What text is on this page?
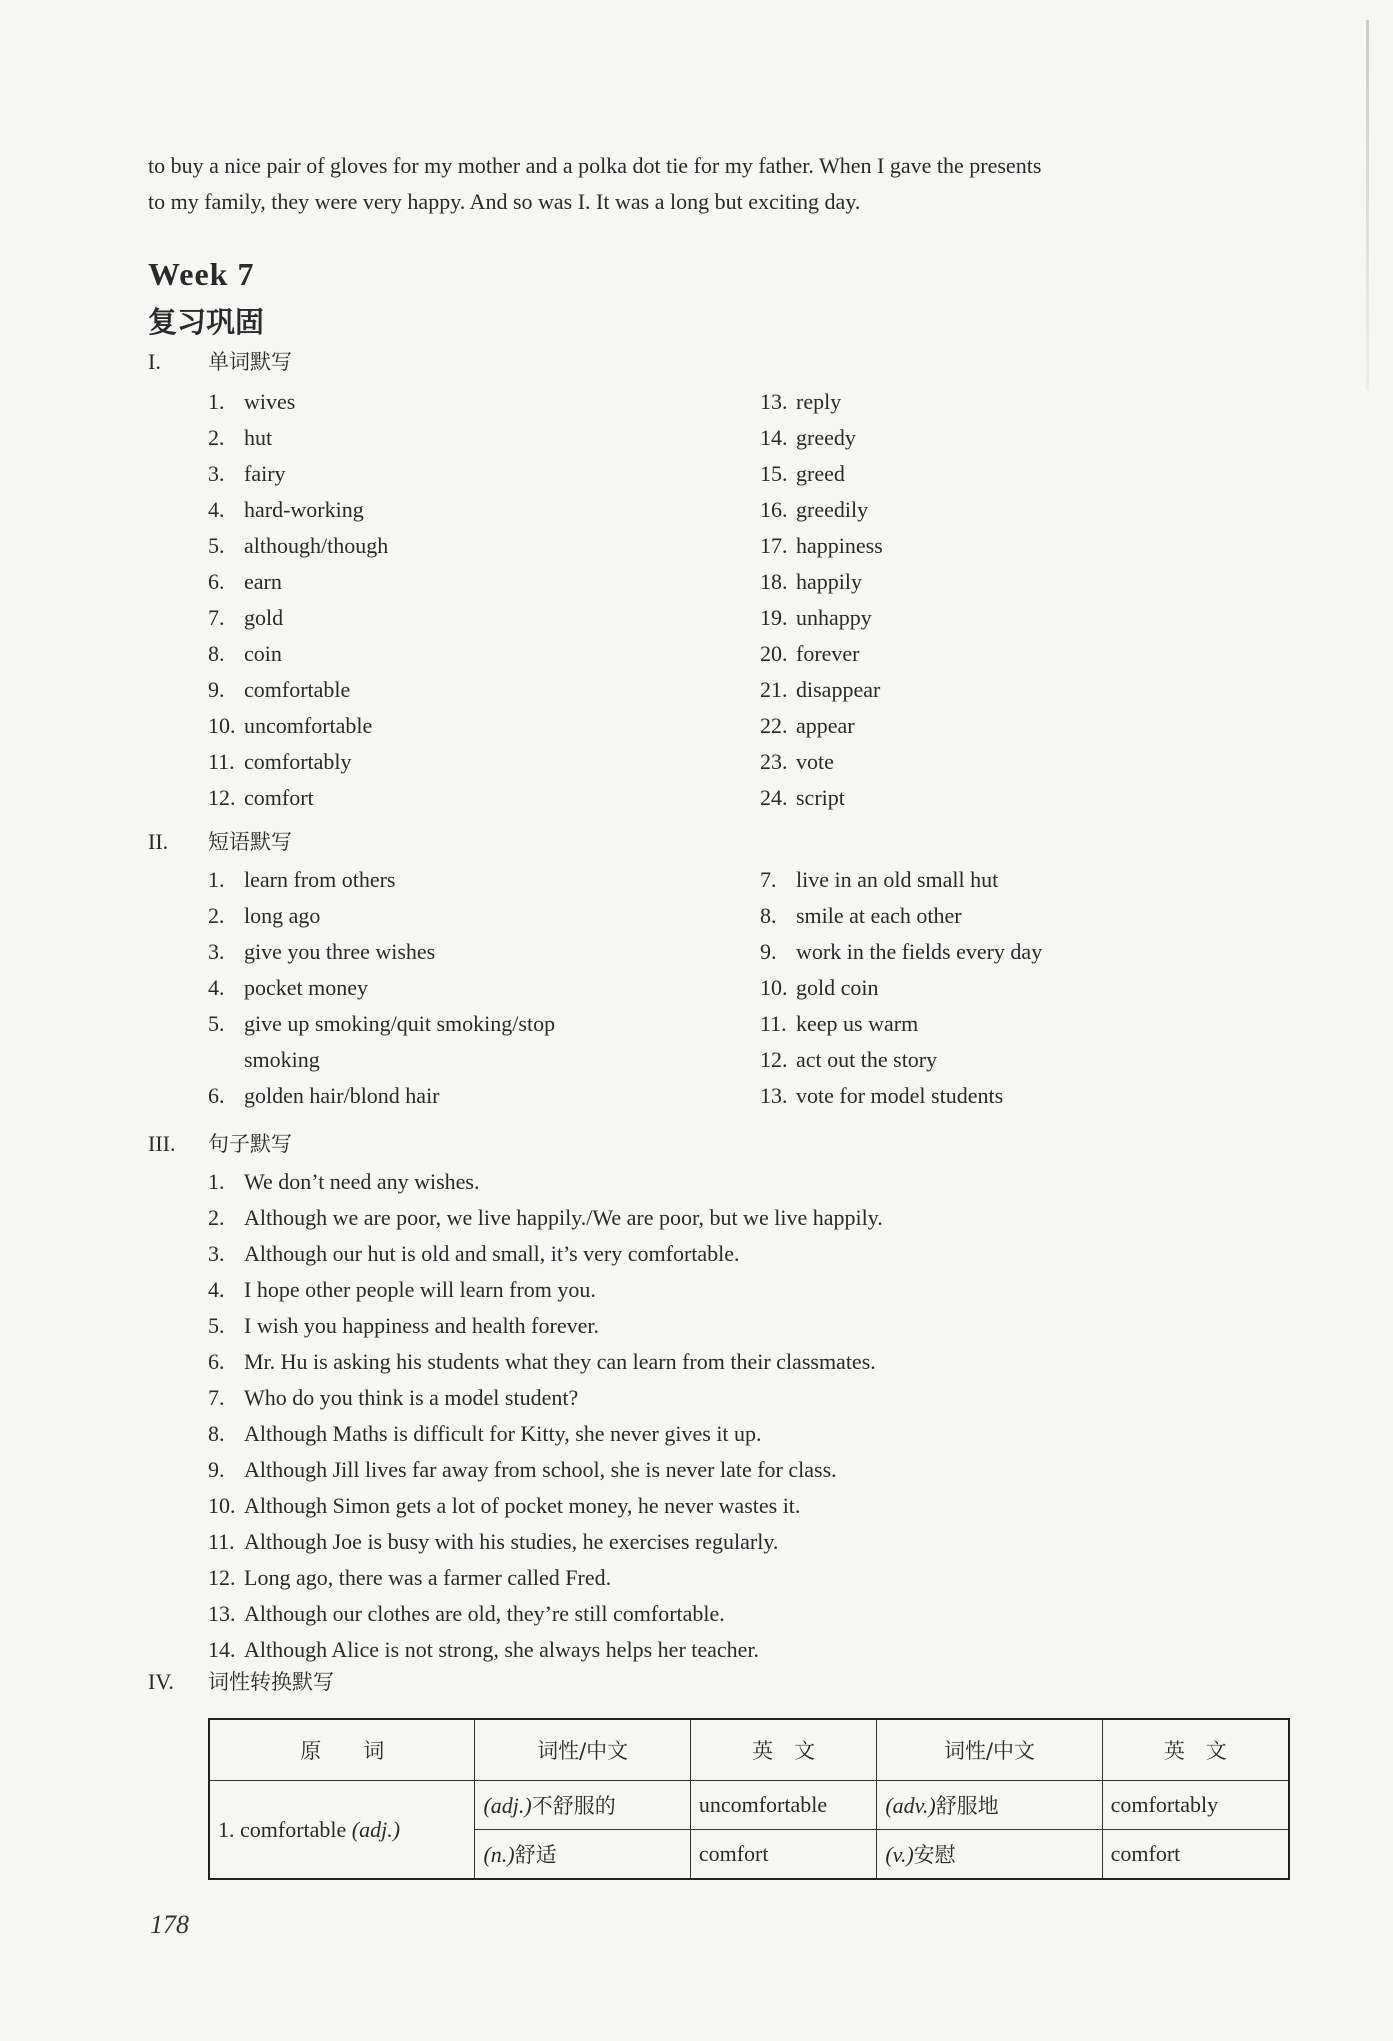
to buy a nice pair of gloves for my mother and a polka dot tie for my father. When I gave the presents
to my family, they were very happy. And so was I. It was a long but exciting day.
Week 7
复习巩固
I. 单词默写
1. wives
2. hut
3. fairy
4. hard-working
5. although/though
6. earn
7. gold
8. coin
9. comfortable
10. uncomfortable
11. comfortably
12. comfort
13. reply
14. greedy
15. greed
16. greedily
17. happiness
18. happily
19. unhappy
20. forever
21. disappear
22. appear
23. vote
24. script
II. 短语默写
1. learn from others
2. long ago
3. give you three wishes
4. pocket money
5. give up smoking/quit smoking/stop
smoking
6. golden hair/blond hair
7. live in an old small hut
8. smile at each other
9. work in the fields every day
10. gold coin
11. keep us warm
12. act out the story
13. vote for model students
III. 句子默写
1. We don’t need any wishes.
2. Although we are poor, we live happily./We are poor, but we live happily.
3. Although our hut is old and small, it’s very comfortable.
4. I hope other people will learn from you.
5. I wish you happiness and health forever.
6. Mr. Hu is asking his students what they can learn from their classmates.
7. Who do you think is a model student?
8. Although Maths is difficult for Kitty, she never gives it up.
9. Although Jill lives far away from school, she is never late for class.
10. Although Simon gets a lot of pocket money, he never wastes it.
11. Although Joe is busy with his studies, he exercises regularly.
12. Long ago, there was a farmer called Fred.
13. Although our clothes are old, they’re still comfortable.
14. Although Alice is not strong, she always helps her teacher.
IV. 词性转换默写
原　　词	词性/中文	英　文	词性/中文	英　文
1. comfortable (adj.)	(adj.)不舒服的	uncomfortable	(adv.)舒服地	comfortably
	(n.)舒适	comfort	(v.)安慰	comfort
178
